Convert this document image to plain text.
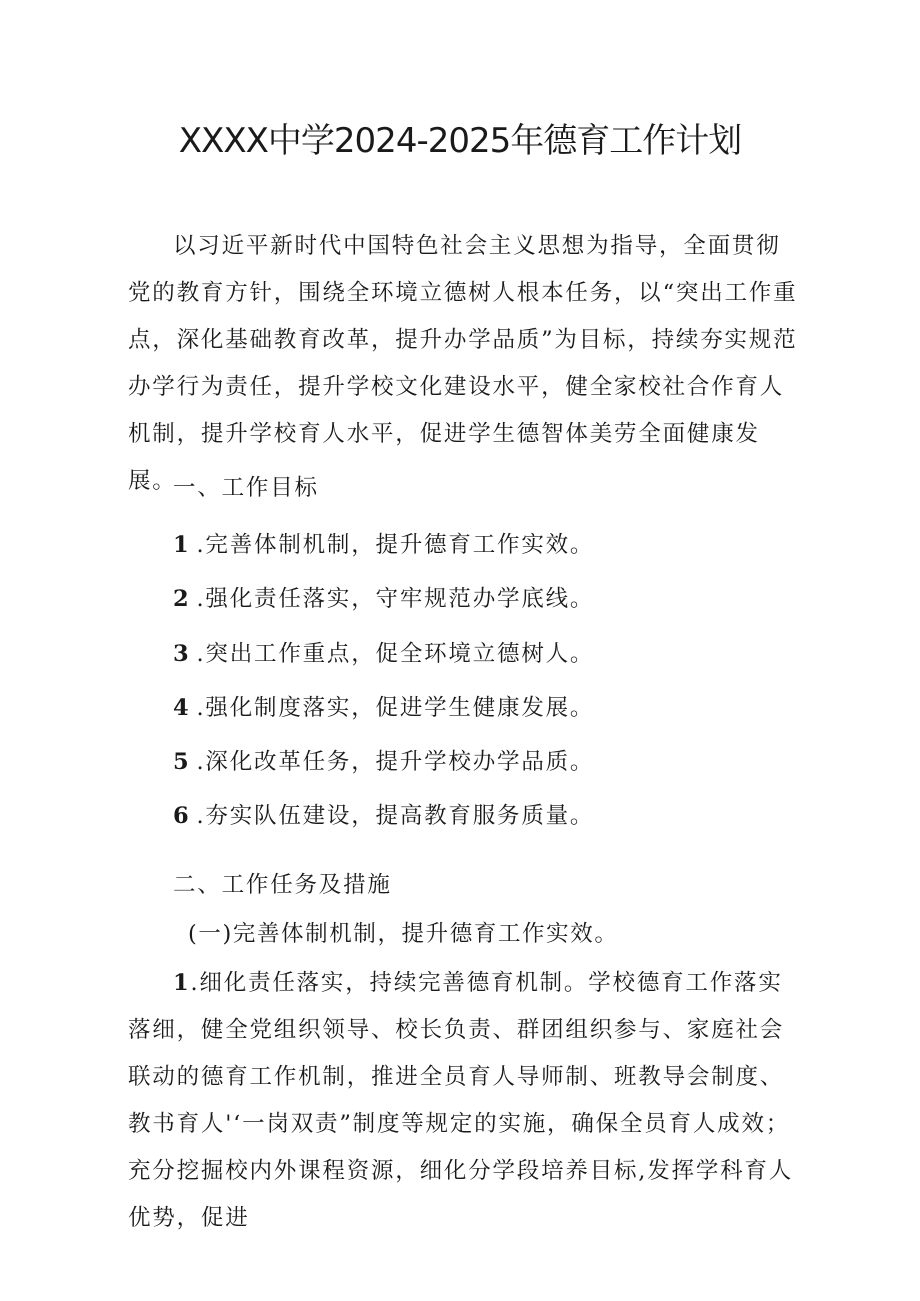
XXXX中学2024-2025年德育工作计划

以习近平新时代中国特色社会主义思想为指导，全面贯彻党的教育方针，围绕全环境立德树人根本任务，以“突出工作重点，深化基础教育改革，提升办学品质”为目标，持续夯实规范办学行为责任，提升学校文化建设水平，健全家校社合作育人机制，提升学校育人水平，促进学生德智体美劳全面健康发展。

一、工作目标

1 .完善体制机制，提升德育工作实效。
2 .强化责任落实，守牢规范办学底线。
3 .突出工作重点，促全环境立德树人。
4 .强化制度落实，促进学生健康发展。
5 .深化改革任务，提升学校办学品质。
6 .夯实队伍建设，提高教育服务质量。

二、工作任务及措施

(一)完善体制机制，提升德育工作实效。

1.细化责任落实，持续完善德育机制。学校德育工作落实落细，健全党组织领导、校长负责、群团组织参与、家庭社会联动的德育工作机制，推进全员育人导师制、班教导会制度、教书育人'‘一岗双责”制度等规定的实施，确保全员育人成效；充分挖掘校内外课程资源，细化分学段培养目标,发挥学科育人优势，促进
